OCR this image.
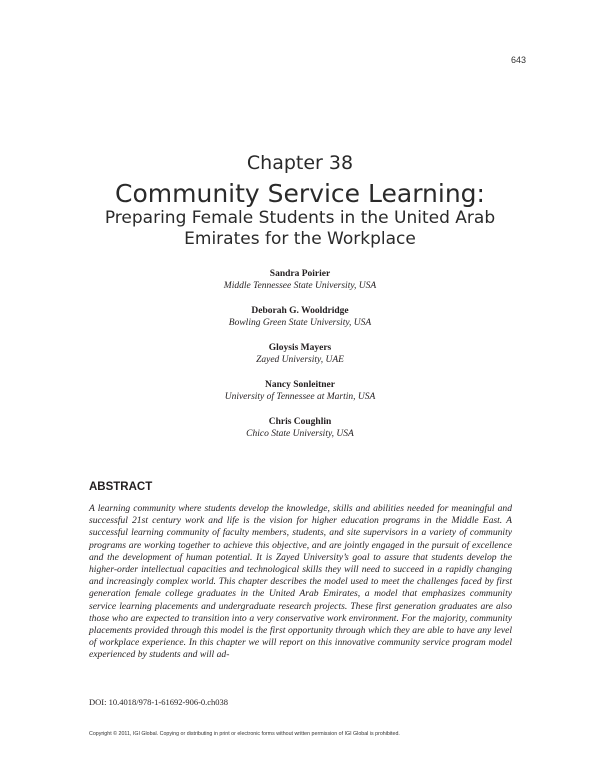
643
Chapter 38
Community Service Learning:
Preparing Female Students in the United Arab Emirates for the Workplace
Sandra Poirier
Middle Tennessee State University, USA
Deborah G. Wooldridge
Bowling Green State University, USA
Gloysis Mayers
Zayed University, UAE
Nancy Sonleitner
University of Tennessee at Martin, USA
Chris Coughlin
Chico State University, USA
ABSTRACT

A learning community where students develop the knowledge, skills and abilities needed for meaningful and successful 21st century work and life is the vision for higher education programs in the Middle East. A successful learning community of faculty members, students, and site supervisors in a variety of community programs are working together to achieve this objective, and are jointly engaged in the pursuit of excellence and the development of human potential. It is Zayed University’s goal to assure that students develop the higher-order intellectual capacities and technological skills they will need to succeed in a rapidly changing and increasingly complex world. This chapter describes the model used to meet the challenges faced by first generation female college graduates in the United Arab Emirates, a model that emphasizes community service learning placements and undergraduate research projects. These first generation graduates are also those who are expected to transition into a very conservative work environment. For the majority, community placements provided through this model is the first opportunity through which they are able to have any level of workplace experience. In this chapter we will report on this innovative community service program model experienced by students and will ad-

DOI: 10.4018/978-1-61692-906-0.ch038
Copyright © 2011, IGI Global. Copying or distributing in print or electronic forms without written permission of IGI Global is prohibited.
